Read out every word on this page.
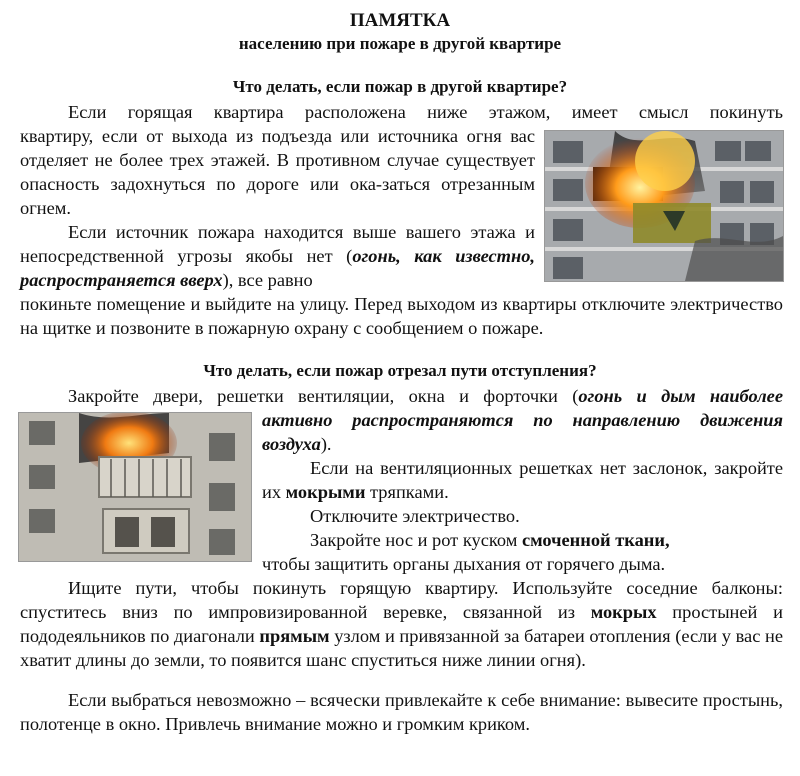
ПАМЯТКА
населению при пожаре в другой квартире
Что делать, если пожар в другой квартире?

Если горящая квартира расположена ниже этажом, имеет смысл покинуть

квартиру, если от выхода из подъезда или источника огня вас отделяет не более трех этажей. В противном случае существует опасность задохнуться по дороге или ока-заться отрезанным огнем.

Если источник пожара находится выше вашего этажа и непосредственной угрозы якобы нет (огонь, как известно, распространяется вверх), все равно

покиньте помещение и выйдите на улицу. Перед выходом из квартиры отключите электричество на щитке и позвоните в пожарную охрану с сообщением о пожаре.

Что делать, если пожар отрезал пути отступления?

Закройте двери, решетки вентиляции, окна и форточки (огонь и дым наиболее

активно распространяются по направлению движения воздуха).

Если на вентиляционных решетках нет заслонок, закройте их мокрыми тряпками.

Отключите электричество.

Закройте нос и рот куском смоченной ткани,
чтобы защитить органы дыхания от горячего дыма.

Ищите пути, чтобы покинуть горящую квартиру. Используйте соседние балконы: спуститесь вниз по импровизированной веревке, связанной из мокрых простыней и пододеяльников по диагонали прямым узлом и привязанной за батареи отопления (если у вас не хватит длины до земли, то появится шанс спуститься ниже линии огня).

Если выбраться невозможно – всячески привлекайте к себе внимание: вывесите простынь, полотенце в окно. Привлечь внимание можно и громким криком.
